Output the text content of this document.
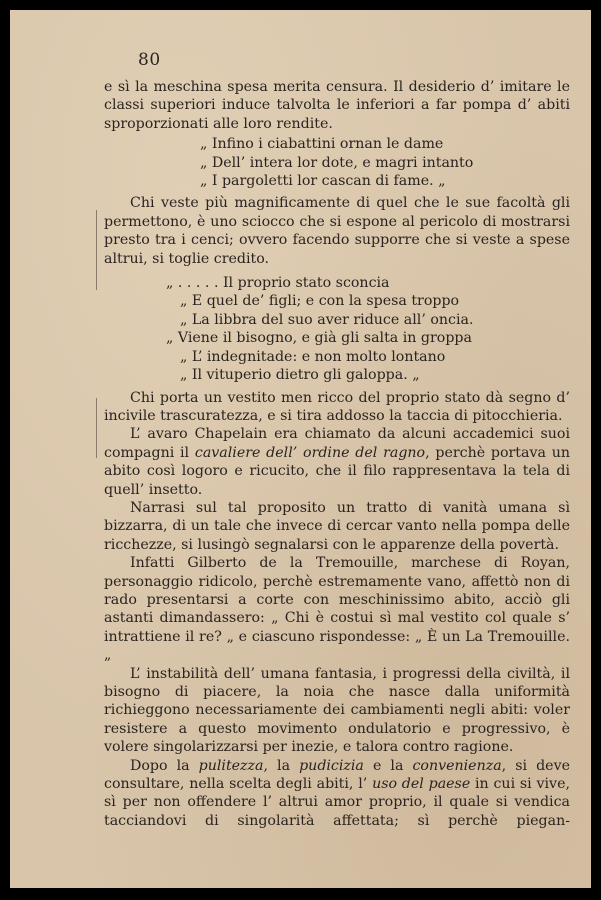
80

e sì la meschina spesa merita censura. Il desiderio d’ imitare le classi superiori induce talvolta le inferiori a far pompa d’ abiti sproporzionati alle loro rendite.

„ Infino i ciabattini ornan le dame
„ Dell’ intera lor dote, e magri intanto
„ I pargoletti lor cascan di fame. „

Chi veste più magnificamente di quel che le sue facoltà gli permettono, è uno sciocco che si espone al pericolo di mostrarsi presto tra i cenci; ovvero facendo supporre che si veste a spese altrui, si toglie credito.

„ . . . . . Il proprio stato sconcia
„ E quel de’ figli; e con la spesa troppo
„ La libbra del suo aver riduce all’ oncia.
„ Viene il bisogno, e già gli salta in groppa
„ L’ indegnitade: e non molto lontano
„ Il vituperio dietro gli galoppa. „

Chi porta un vestito men ricco del proprio stato dà segno d’ incivile trascuratezza, e si tira addosso la taccia di pitocchieria.

L’ avaro Chapelain era chiamato da alcuni accademici suoi compagni il cavaliere dell’ ordine del ragno, perchè portava un abito così logoro e ricucito, che il filo rappresentava la tela di quell’ insetto.

Narrasi sul tal proposito un tratto di vanità umana sì bizzarra, di un tale che invece di cercar vanto nella pompa delle ricchezze, si lusingò segnalarsi con le apparenze della povertà.

Infatti Gilberto de la Tremouille, marchese di Royan, personaggio ridicolo, perchè estremamente vano, affettò non di rado presentarsi a corte con meschinissimo abito, acciò gli astanti dimandassero: „ Chi è costui sì mal vestito col quale s’ intrattiene il re? „ e ciascuno rispondesse: „ È un La Tremouille. „

L’ instabilità dell’ umana fantasia, i progressi della civiltà, il bisogno di piacere, la noia che nasce dalla uniformità richieggono necessariamente dei cambiamenti negli abiti: voler resistere a questo movimento ondulatorio e progressivo, è volere singolarizzarsi per inezie, e talora contro ragione.

Dopo la pulitezza, la pudicizia e la convenienza, si deve consultare, nella scelta degli abiti, l’ uso del paese in cui si vive, sì per non offendere l’ altrui amor proprio, il quale si vendica tacciandovi di singolarità affettata; sì perchè piegan-
